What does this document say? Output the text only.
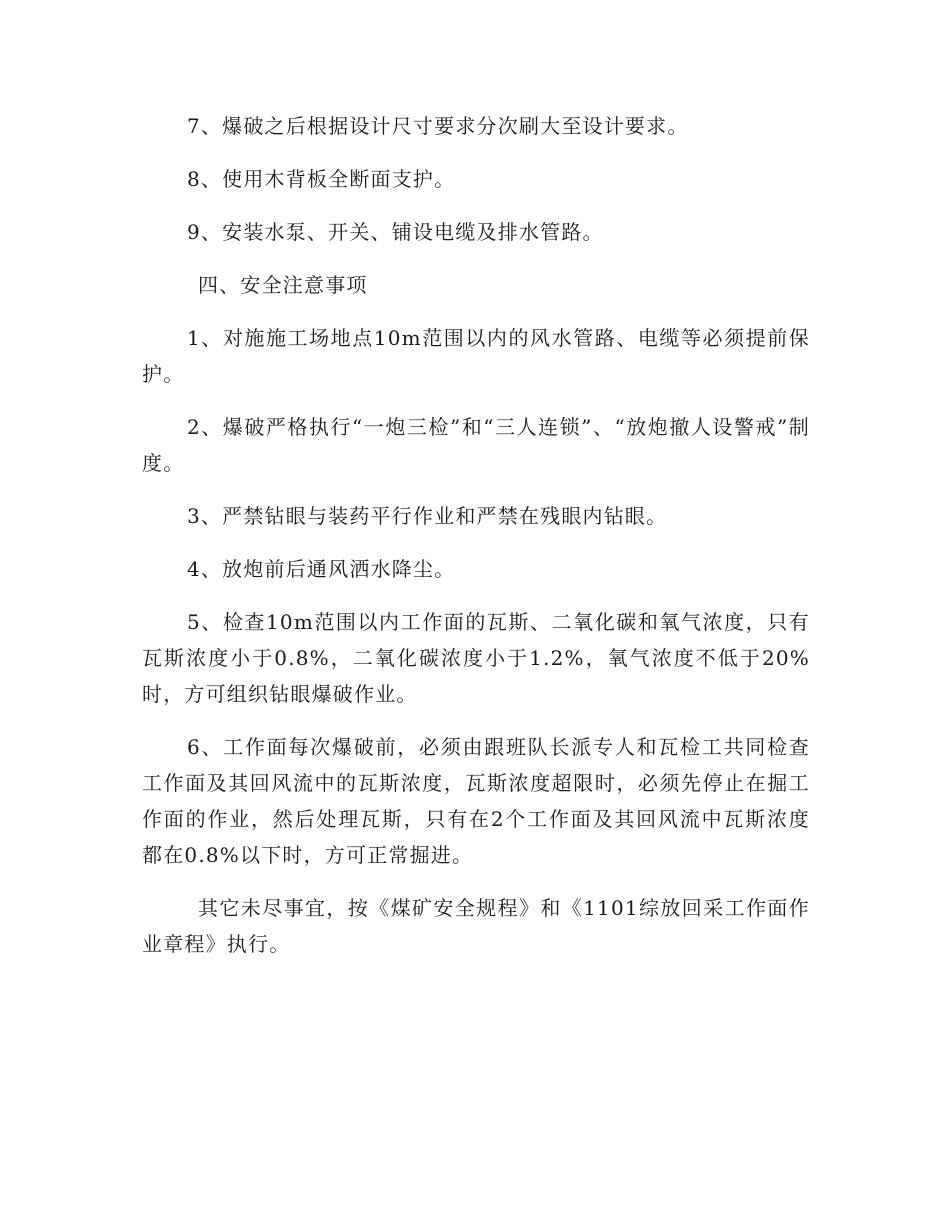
7、爆破之后根据设计尺寸要求分次刷大至设计要求。

8、使用木背板全断面支护。

9、安装水泵、开关、铺设电缆及排水管路。

四、安全注意事项

1、对施施工场地点10m范围以内的风水管路、电缆等必须提前保护。

2、爆破严格执行“一炮三检”和“三人连锁”、“放炮撤人设警戒”制度。

3、严禁钻眼与装药平行作业和严禁在残眼内钻眼。

4、放炮前后通风洒水降尘。

5、检查10m范围以内工作面的瓦斯、二氧化碳和氧气浓度，只有瓦斯浓度小于0.8%，二氧化碳浓度小于1.2%，氧气浓度不低于20%时，方可组织钻眼爆破作业。

6、工作面每次爆破前，必须由跟班队长派专人和瓦检工共同检查工作面及其回风流中的瓦斯浓度，瓦斯浓度超限时，必须先停止在掘工作面的作业，然后处理瓦斯，只有在2个工作面及其回风流中瓦斯浓度都在0.8%以下时，方可正常掘进。

其它未尽事宜，按《煤矿安全规程》和《1101综放回采工作面作业章程》执行。
